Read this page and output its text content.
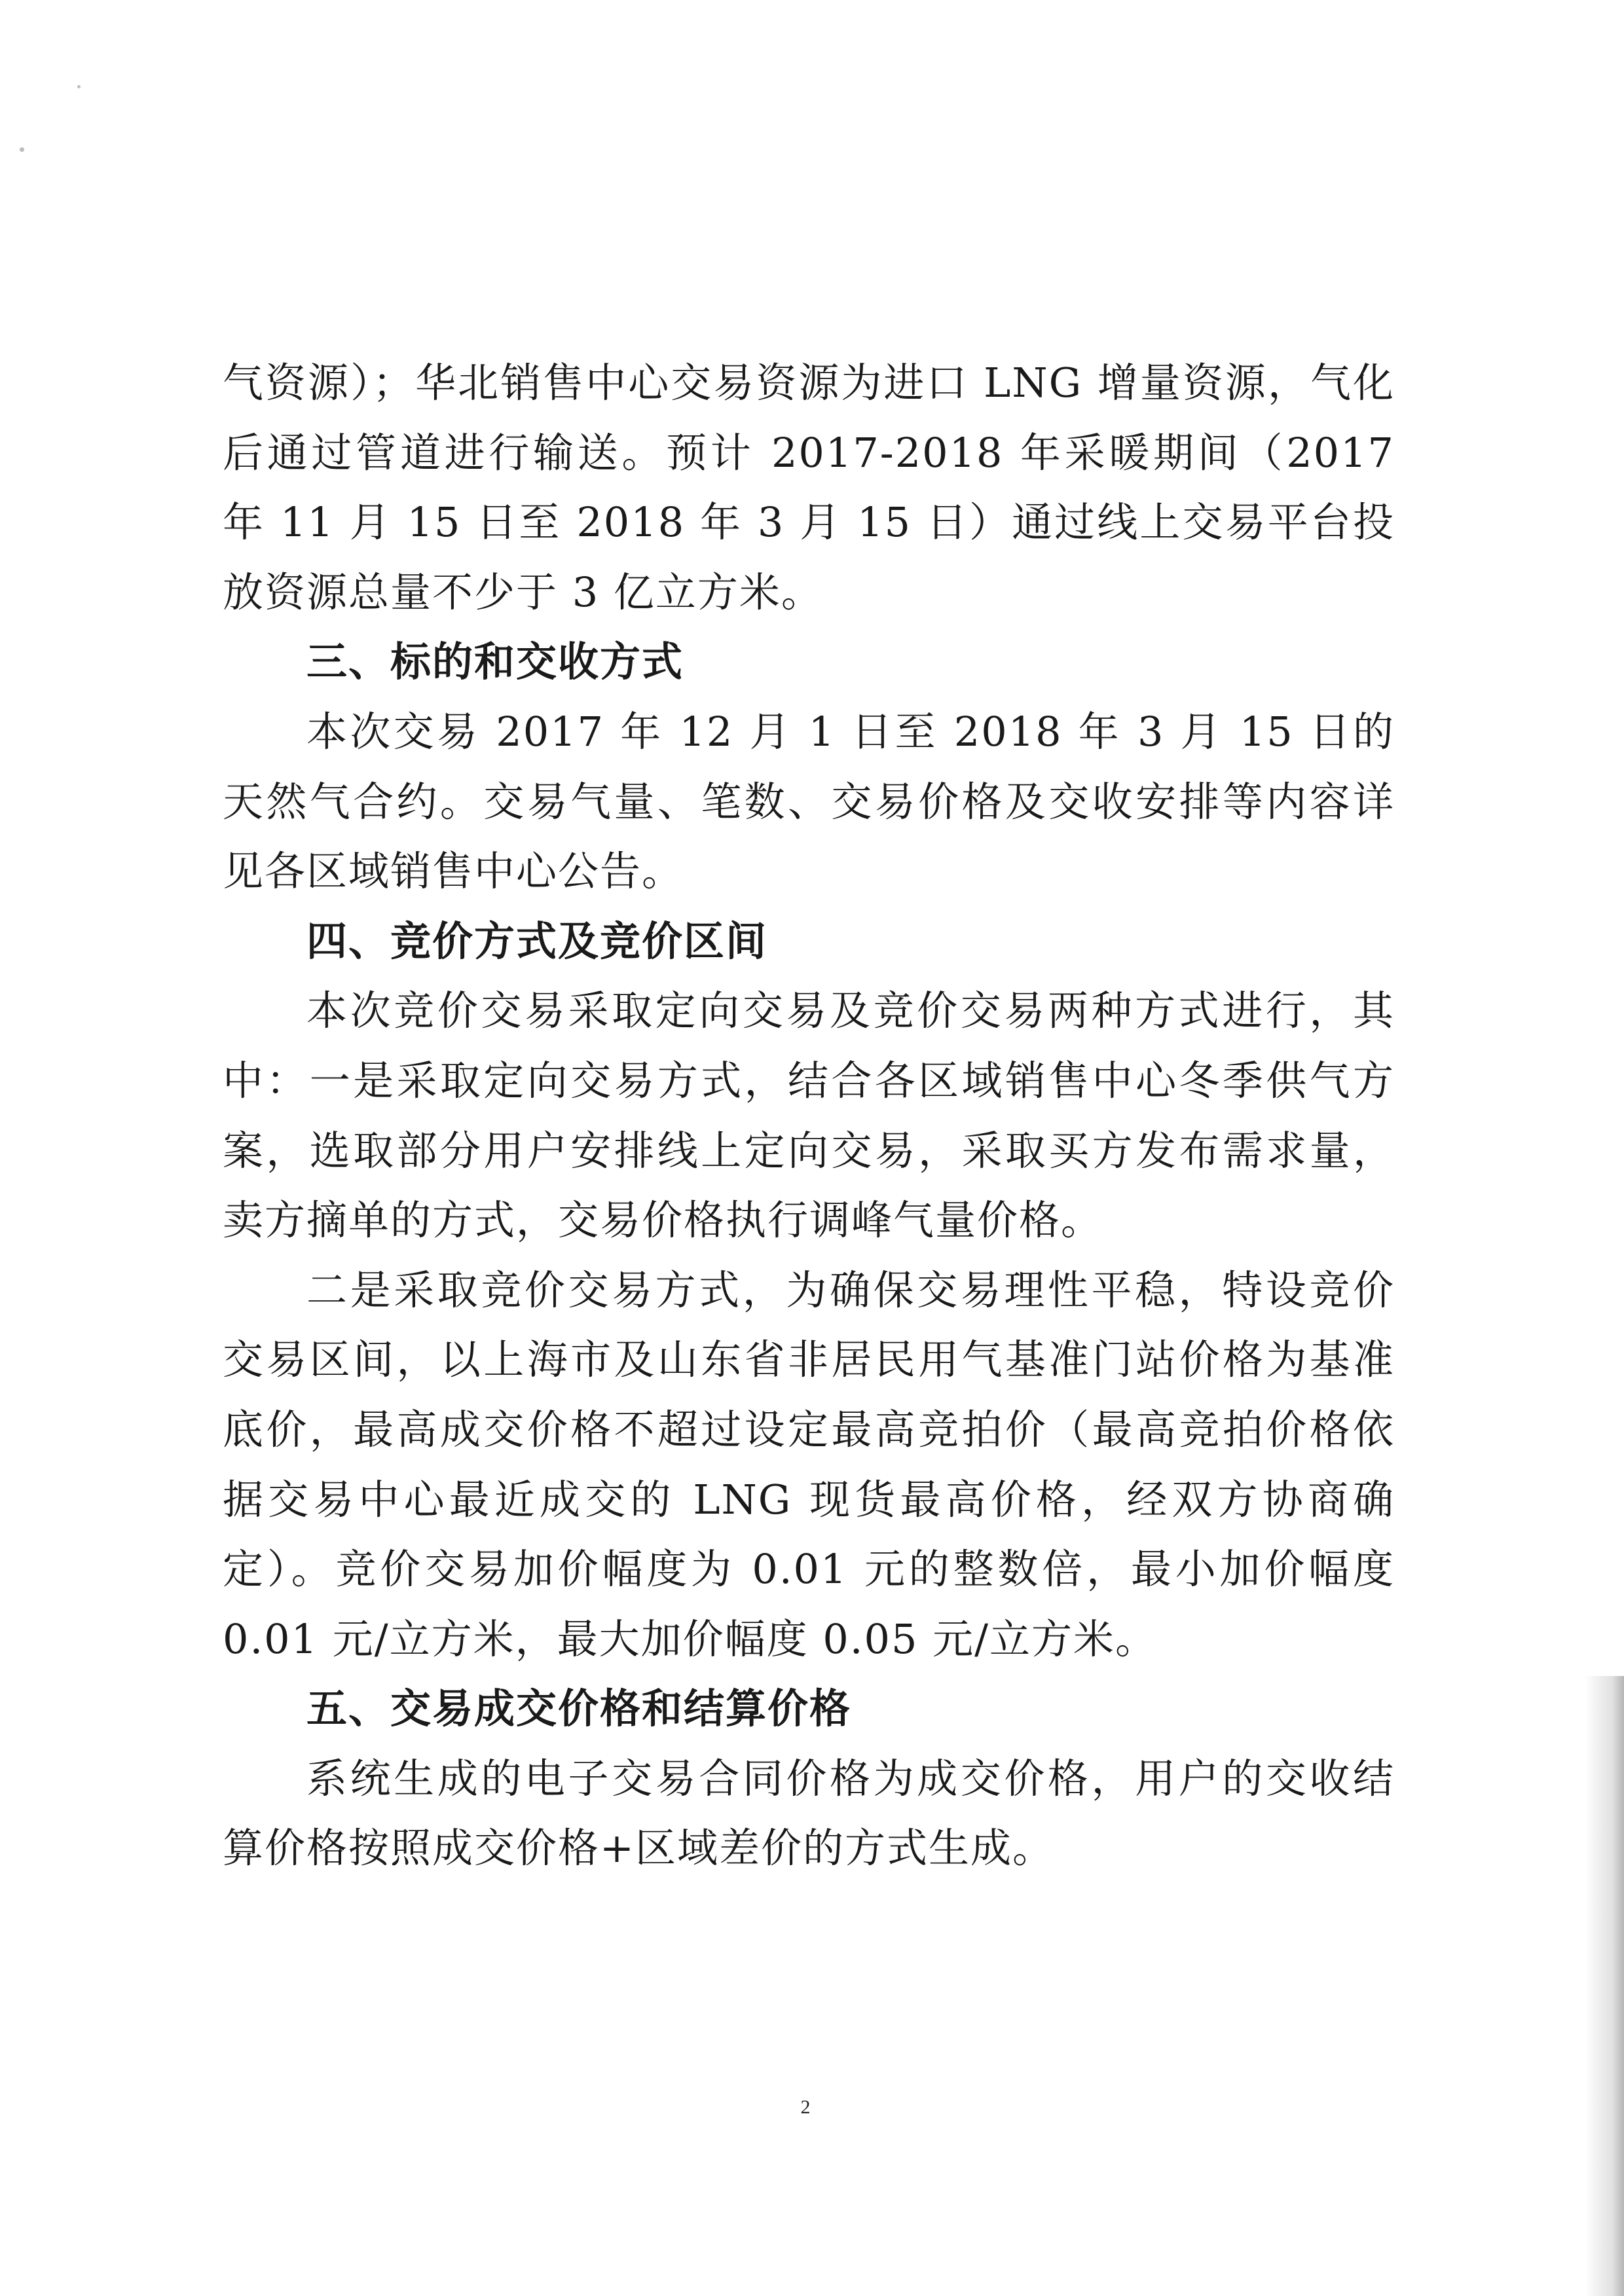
气资源）；华北销售中心交易资源为进口 LNG 增量资源，气化后通过管道进行输送。预计 2017-2018 年采暖期间（2017 年 11 月 15 日至 2018 年 3 月 15 日）通过线上交易平台投放资源总量不少于 3 亿立方米。

三、标的和交收方式

本次交易 2017 年 12 月 1 日至 2018 年 3 月 15 日的天然气合约。交易气量、笔数、交易价格及交收安排等内容详见各区域销售中心公告。

四、竞价方式及竞价区间

本次竞价交易采取定向交易及竞价交易两种方式进行，其中：一是采取定向交易方式，结合各区域销售中心冬季供气方案，选取部分用户安排线上定向交易，采取买方发布需求量，卖方摘单的方式，交易价格执行调峰气量价格。

二是采取竞价交易方式，为确保交易理性平稳，特设竞价交易区间，以上海市及山东省非居民用气基准门站价格为基准底价，最高成交价格不超过设定最高竞拍价（最高竞拍价格依据交易中心最近成交的 LNG 现货最高价格，经双方协商确定）。竞价交易加价幅度为 0.01 元的整数倍，最小加价幅度 0.01 元/立方米，最大加价幅度 0.05 元/立方米。

五、交易成交价格和结算价格

系统生成的电子交易合同价格为成交价格，用户的交收结算价格按照成交价格+区域差价的方式生成。

2
